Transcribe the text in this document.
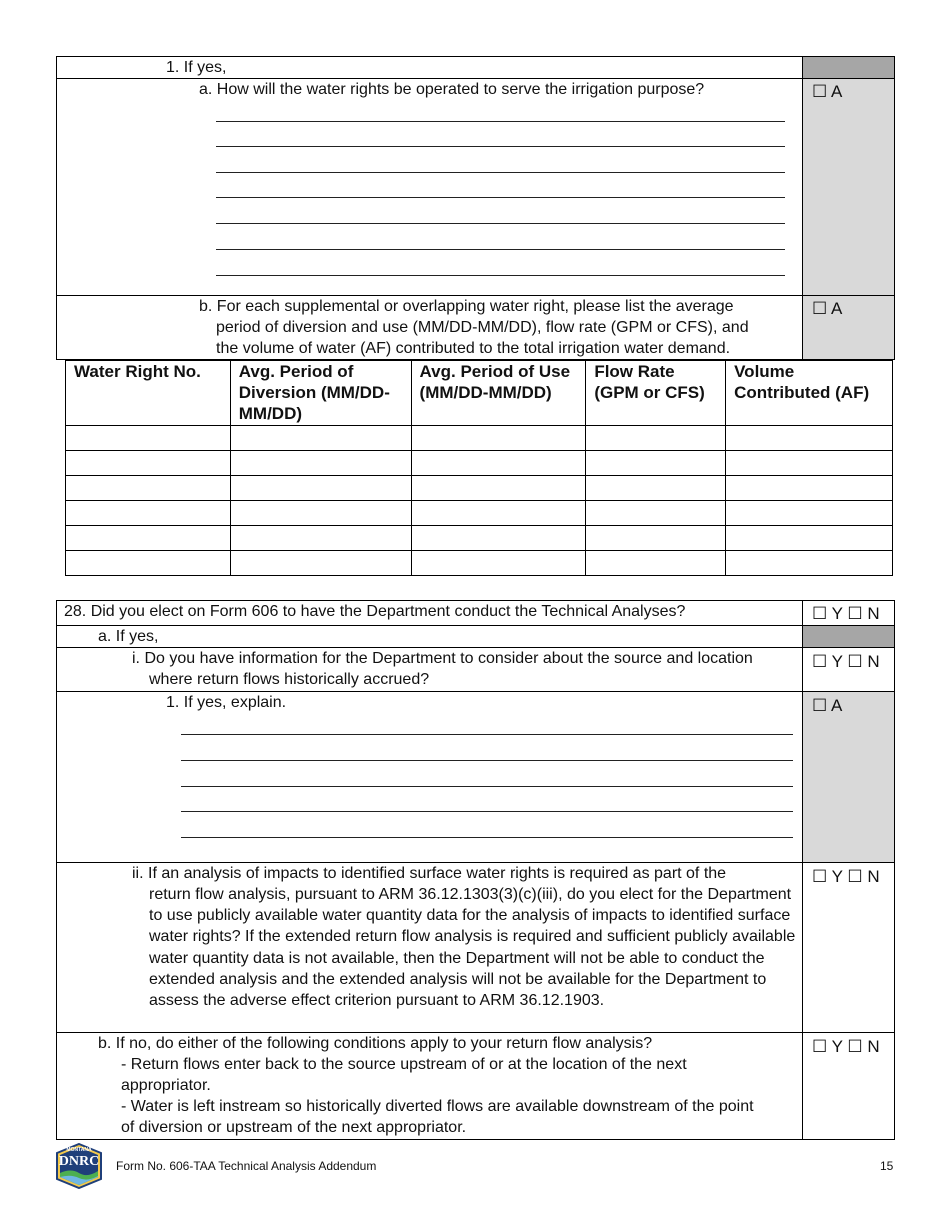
1. If yes,
a. How will the water rights be operated to serve the irrigation purpose?	☐ A
b. For each supplemental or overlapping water right, please list the average
period of diversion and use (MM/DD-MM/DD), flow rate (GPM or CFS), and
the volume of water (AF) contributed to the total irrigation water demand.
☐ A
Water Right No.	Avg. Period of Diversion (MM/DD-MM/DD)	Avg. Period of Use (MM/DD-MM/DD)	Flow Rate (GPM or CFS)	Volume Contributed (AF)

28. Did you elect on Form 606 to have the Department conduct the Technical Analyses?	☐ Y ☐ N
a. If yes,
i. Do you have information for the Department to consider about the source and location
where return flows historically accrued?
☐ Y ☐ N
1. If yes, explain.	☐ A
ii. If an analysis of impacts to identified surface water rights is required as part of the
return flow analysis, pursuant to ARM 36.12.1303(3)(c)(iii), do you elect for the Department to use publicly available water quantity data for the analysis of impacts to identified surface water rights? If the extended return flow analysis is required and sufficient publicly available water quantity data is not available, then the Department will not be able to conduct the extended analysis and the extended analysis will not be available for the Department to assess the adverse effect criterion pursuant to ARM 36.12.1903.
☐ Y ☐ N
b. If no, do either of the following conditions apply to your return flow analysis?
- Return flows enter back to the source upstream of or at the location of the next appropriator.
- Water is left instream so historically diverted flows are available downstream of the point of diversion or upstream of the next appropriator.
☐ Y ☐ N
MONTANA
DNRC	Form No. 606-TAA Technical Analysis Addendum	15
